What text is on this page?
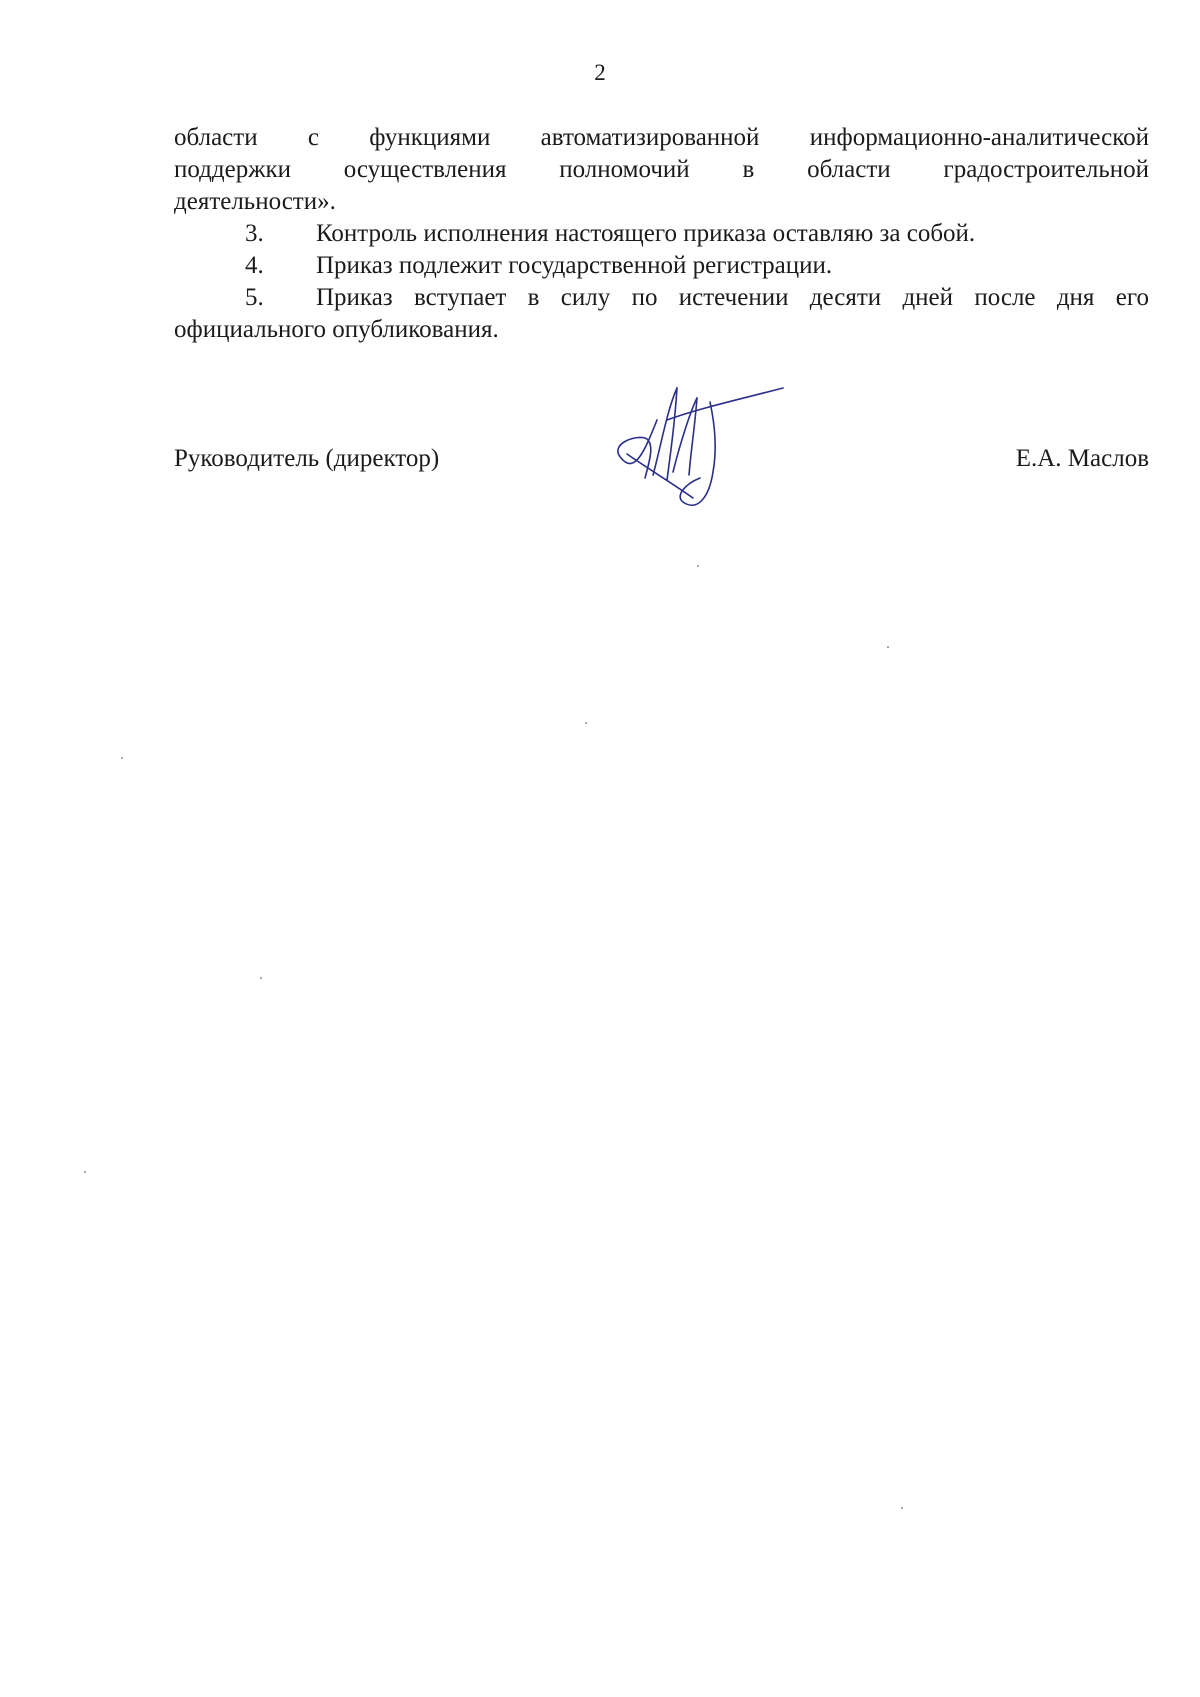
2
области с функциями автоматизированной информационно-аналитической
поддержки осуществления полномочий в области градостроительной
деятельности».
3. Контроль исполнения настоящего приказа оставляю за собой.
4. Приказ подлежит государственной регистрации.
5.	Приказ вступает в силу по истечении десяти дней после дня его
официального опубликования.
Руководитель (директор)	Е.А. Маслов
